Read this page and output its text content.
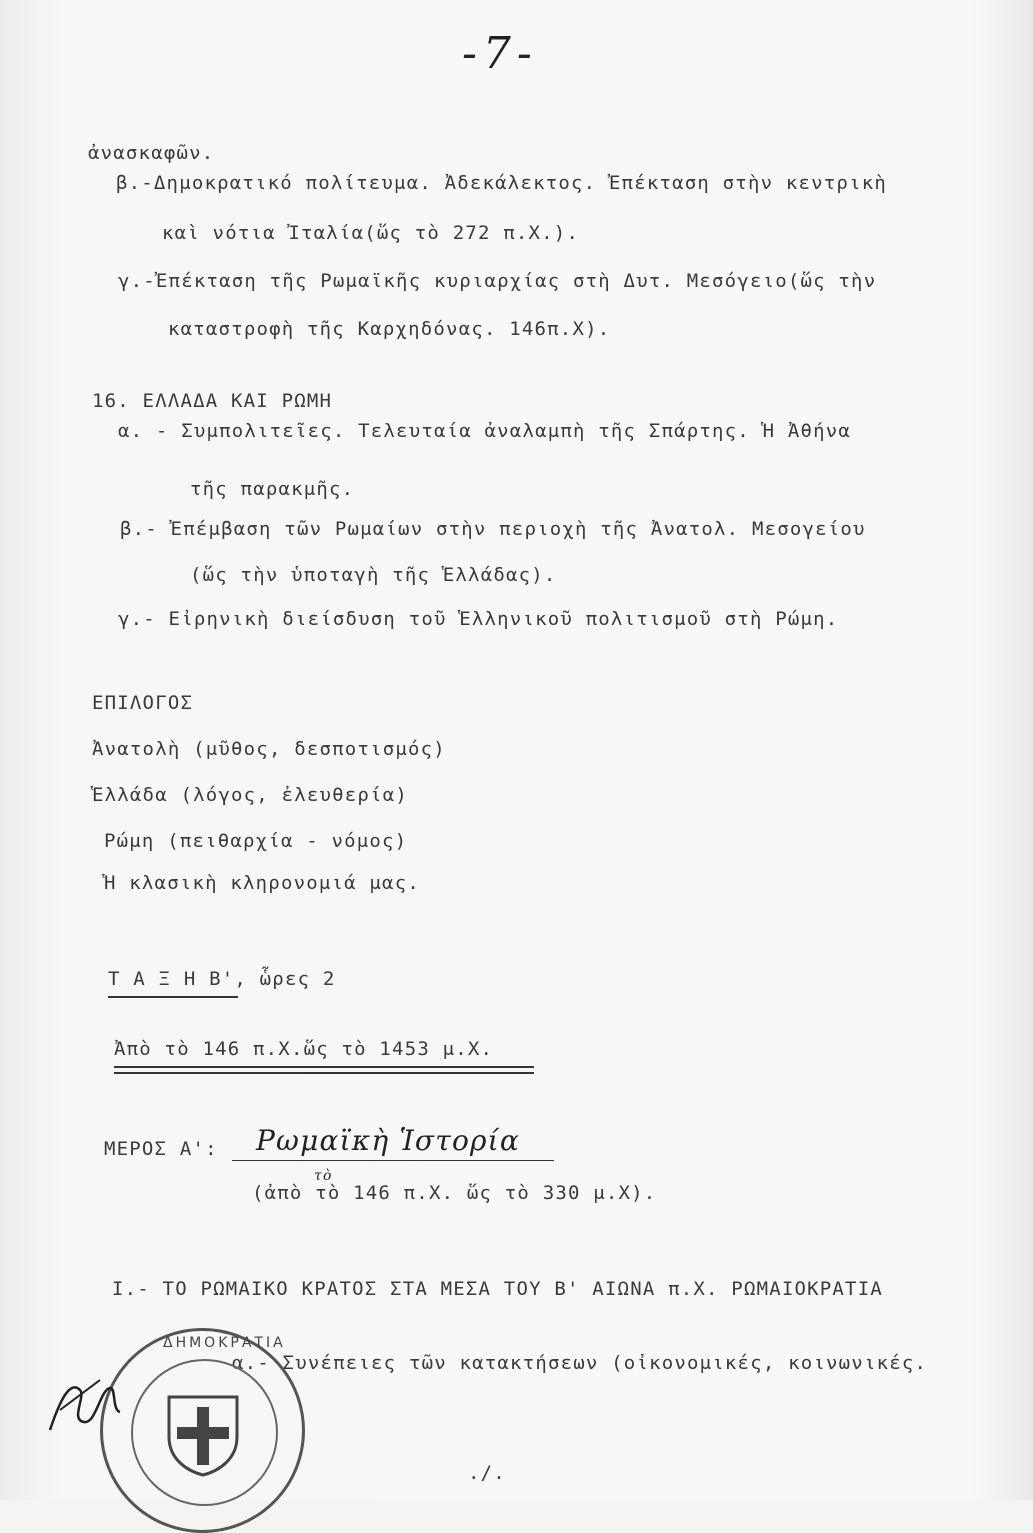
-7-
ἀνασκαφῶν.
β.-Δημοκρατικό πολίτευμα. Ἀδεκάλεκτος. Ἐπέκταση στὴν κεντρικὴ
καὶ νότια Ἰταλία(ὥς τὸ 272 π.Χ.).
γ.-Ἐπέκταση τῆς Ρωμαϊκῆς κυριαρχίας στὴ Δυτ. Μεσόγειο(ὥς τὴν
καταστροφὴ τῆς Καρχηδόνας. 146π.Χ).
16. ΕΛΛΑΔΑ ΚΑΙ ΡΩΜΗ
α. - Συμπολιτεῖες. Τελευταία ἀναλαμπὴ τῆς Σπάρτης. Ἡ Ἀθήνα
τῆς παρακμῆς.
β.- Ἐπέμβαση τῶν Ρωμαίων στὴν περιοχὴ τῆς Ἀνατολ. Μεσογείου
(ὥς τὴν ὑποταγὴ τῆς Ἑλλάδας).
γ.- Εἰρηνικὴ διείσδυση τοῦ Ἑλληνικοῦ πολιτισμοῦ στὴ Ρώμη.
ΕΠΙΛΟΓΟΣ
Ἀνατολὴ (μῦθος, δεσποτισμός)
Ἑλλάδα (λόγος, ἐλευθερία)
Ρώμη (πειθαρχία - νόμος)
Ἡ κλασικὴ κληρονομιά μας.
Τ Α Ξ Η Β', ὧρες 2
Ἀπὸ τὸ 146 π.Χ.ὥς τὸ 1453 μ.Χ.
ΜΕΡΟΣ Α': Ρωμαϊκὴ Ἱστορία
τὸ
(ἀπὸ τὸ 146 π.Χ. ὥς τὸ 330 μ.Χ).
I.- ΤΟ ΡΩΜΑΙΚΟ ΚΡΑΤΟΣ ΣΤΑ ΜΕΣΑ ΤΟΥ Β' ΑΙΩΝΑ π.Χ. ΡΩΜΑΙΟΚΡΑΤΙΑ
α.- Συνέπειες τῶν κατακτήσεων (οἰκονομικές, κοινωνικές.
./.
ΔΗΜΟΚΡΑΤΙΑ
